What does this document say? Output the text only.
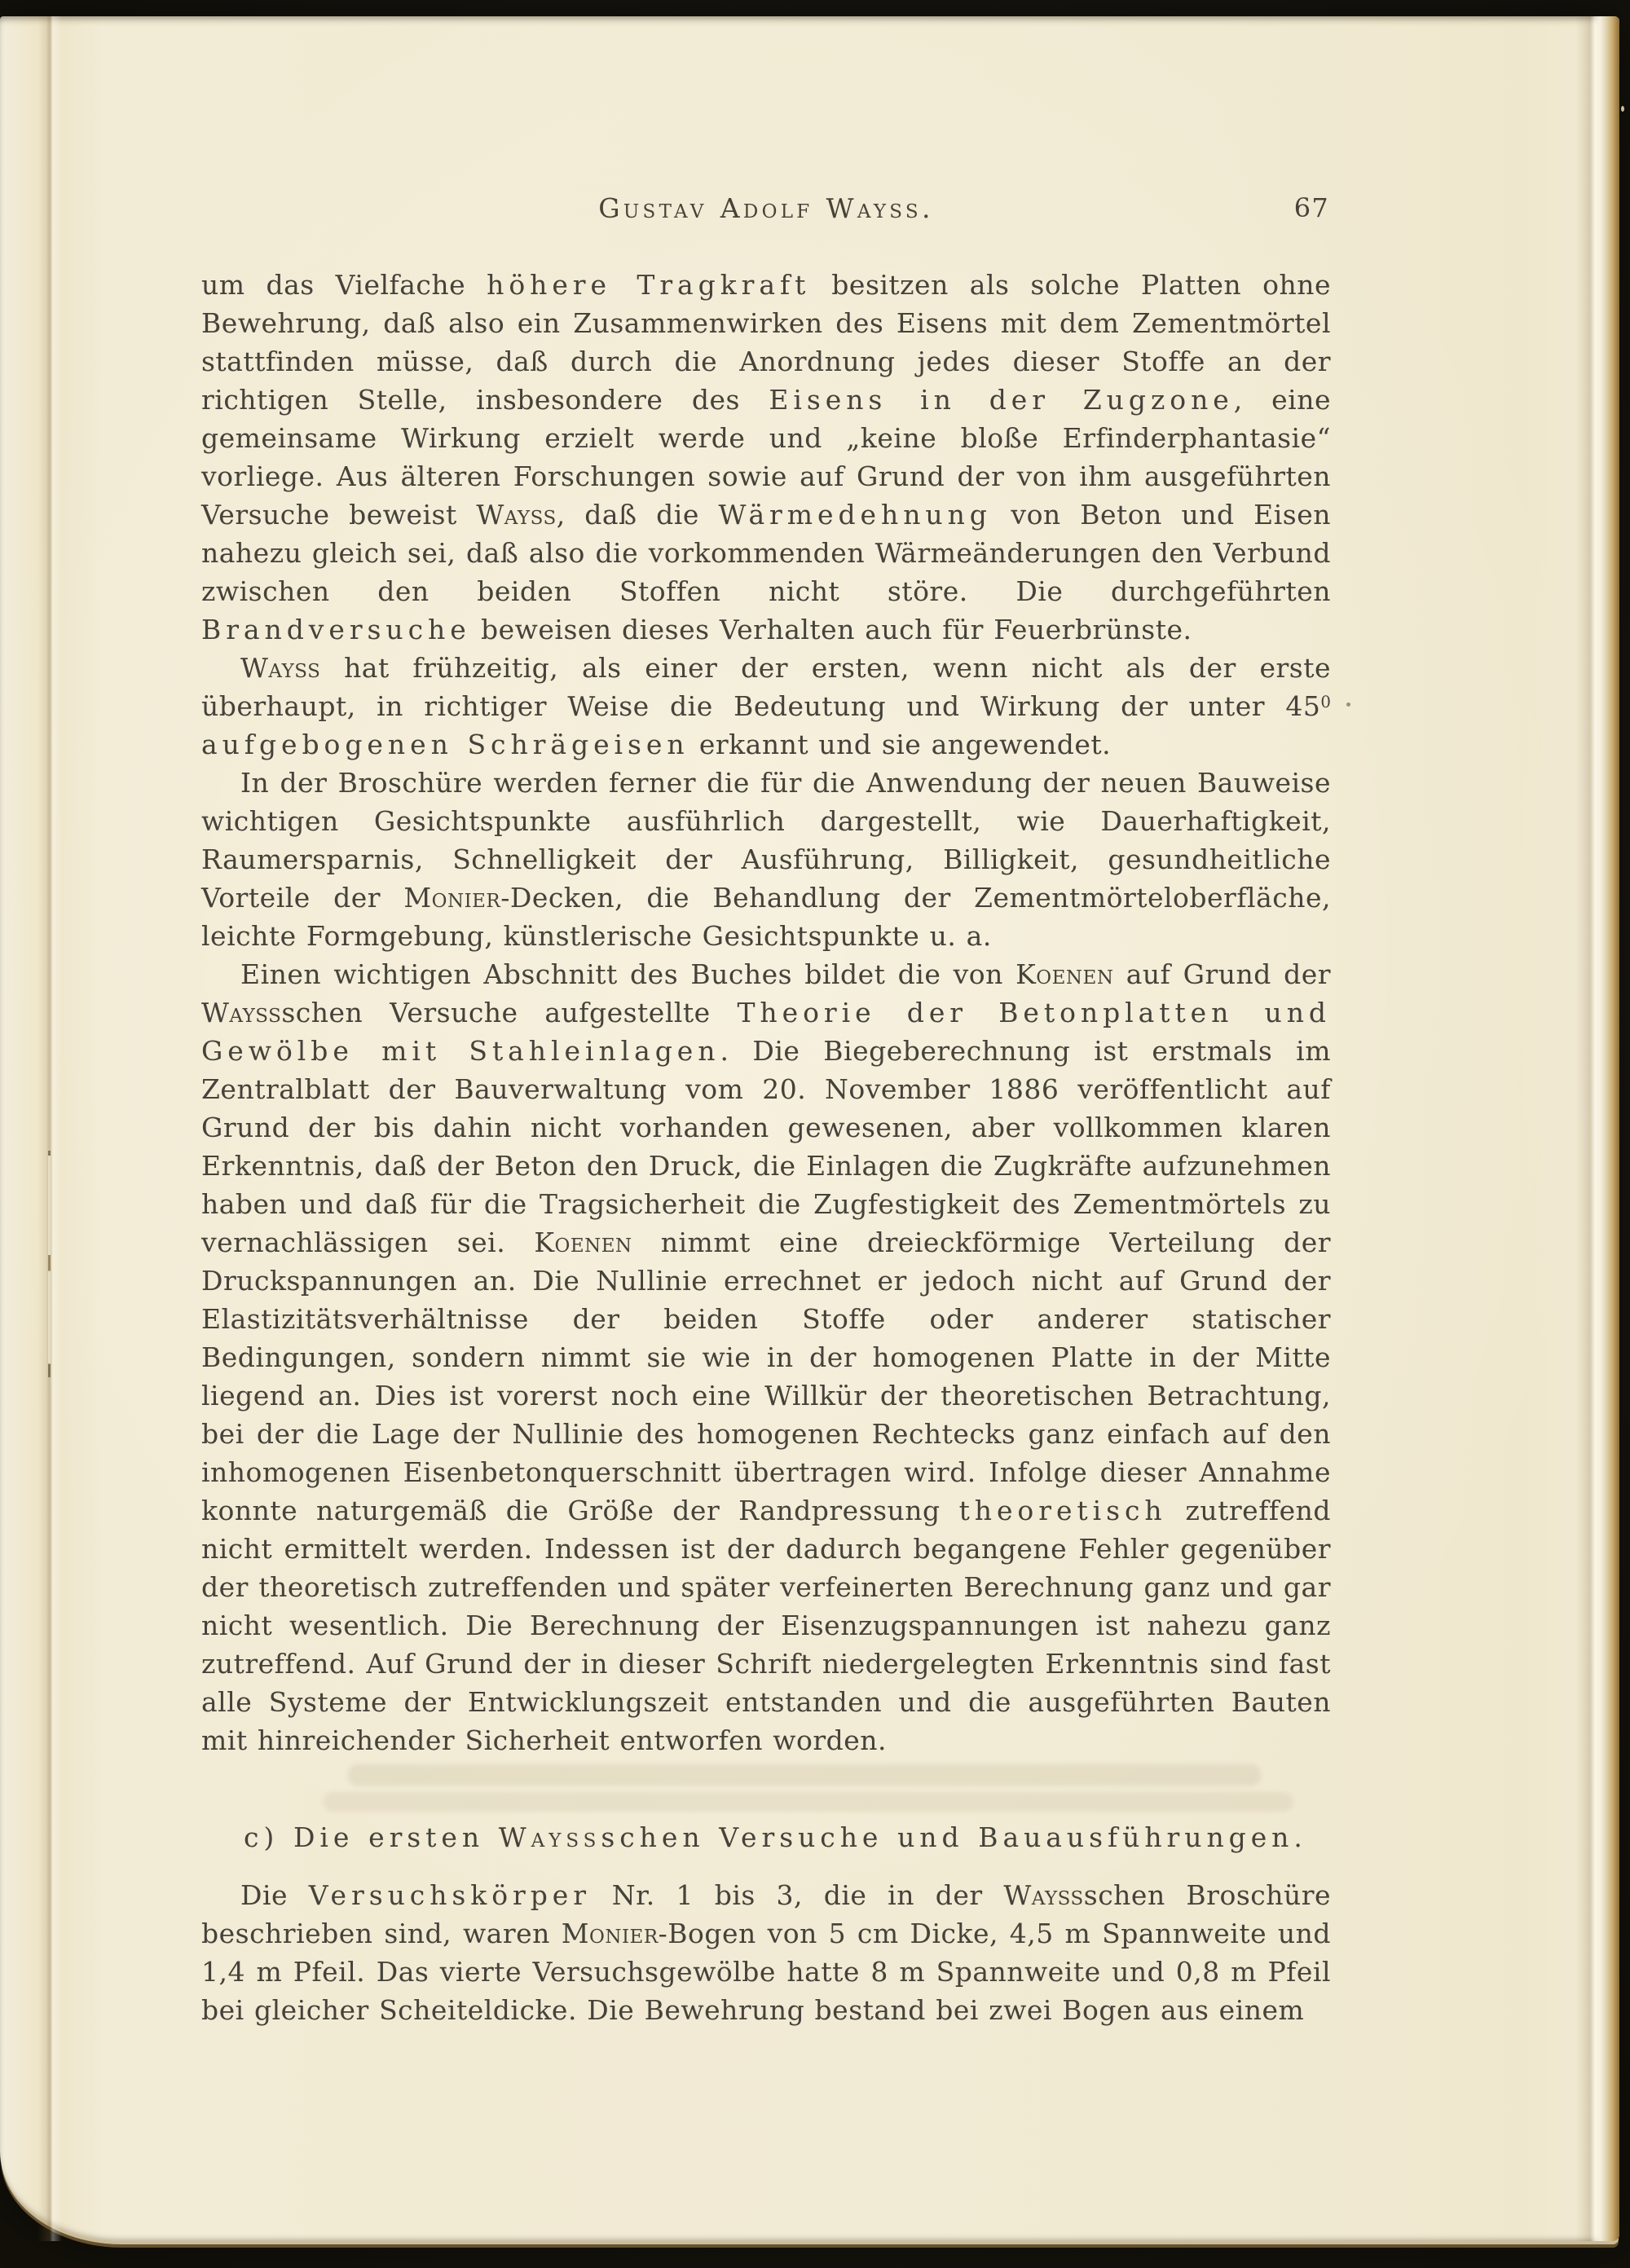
Gustav Adolf Wayss.	67

um das Vielfache höhere Tragkraft besitzen als solche Platten ohne Bewehrung, daß also ein Zusammenwirken des Eisens mit dem Zementmörtel stattfinden müsse, daß durch die Anordnung jedes dieser Stoffe an der richtigen Stelle, insbesondere des Eisens in der Zugzone, eine gemeinsame Wirkung erzielt werde und „keine bloße Erfinderphantasie“ vorliege. Aus älteren Forschungen sowie auf Grund der von ihm ausgeführten Versuche beweist Wayss, daß die Wärmedehnung von Beton und Eisen nahezu gleich sei, daß also die vorkommenden Wärmeänderungen den Verbund zwischen den beiden Stoffen nicht störe. Die durchgeführten Brandversuche beweisen dieses Verhalten auch für Feuerbrünste.

Wayss hat frühzeitig, als einer der ersten, wenn nicht als der erste überhaupt, in richtiger Weise die Bedeutung und Wirkung der unter $45^0$ aufgebogenen Schrägeisen erkannt und sie angewendet.

In der Broschüre werden ferner die für die Anwendung der neuen Bauweise wichtigen Gesichtspunkte ausführlich dargestellt, wie Dauerhaftigkeit, Raumersparnis, Schnelligkeit der Ausführung, Billigkeit, gesundheitliche Vorteile der Monier-Decken, die Behandlung der Zementmörteloberfläche, leichte Formgebung, künstlerische Gesichtspunkte u. a.

Einen wichtigen Abschnitt des Buches bildet die von Koenen auf Grund der Wayssschen Versuche aufgestellte Theorie der Betonplatten und Gewölbe mit Stahleinlagen. Die Biegeberechnung ist erstmals im Zentralblatt der Bauverwaltung vom 20. November 1886 veröffentlicht auf Grund der bis dahin nicht vorhanden gewesenen, aber vollkommen klaren Erkenntnis, daß der Beton den Druck, die Einlagen die Zugkräfte aufzunehmen haben und daß für die Tragsicherheit die Zugfestigkeit des Zementmörtels zu vernachlässigen sei. Koenen nimmt eine dreieckförmige Verteilung der Druckspannungen an. Die Nullinie errechnet er jedoch nicht auf Grund der Elastizitätsverhältnisse der beiden Stoffe oder anderer statischer Bedingungen, sondern nimmt sie wie in der homogenen Platte in der Mitte liegend an. Dies ist vorerst noch eine Willkür der theoretischen Betrachtung, bei der die Lage der Nullinie des homogenen Rechtecks ganz einfach auf den inhomogenen Eisenbetonquerschnitt übertragen wird. Infolge dieser Annahme konnte naturgemäß die Größe der Randpressung theoretisch zutreffend nicht ermittelt werden. Indessen ist der dadurch begangene Fehler gegenüber der theoretisch zutreffenden und später verfeinerten Berechnung ganz und gar nicht wesentlich. Die Berechnung der Eisenzugspannungen ist nahezu ganz zutreffend. Auf Grund der in dieser Schrift niedergelegten Erkenntnis sind fast alle Systeme der Entwicklungszeit entstanden und die ausgeführten Bauten mit hinreichender Sicherheit entworfen worden.

c) Die ersten Wayssschen Versuche und Bauausführungen.

Die Versuchskörper Nr. 1 bis 3, die in der Wayssschen Broschüre beschrieben sind, waren Monier-Bogen von 5 cm Dicke, 4,5 m Spannweite und 1,4 m Pfeil. Das vierte Versuchsgewölbe hatte 8 m Spannweite und 0,8 m Pfeil bei gleicher Scheiteldicke. Die Bewehrung bestand bei zwei Bogen aus einem
